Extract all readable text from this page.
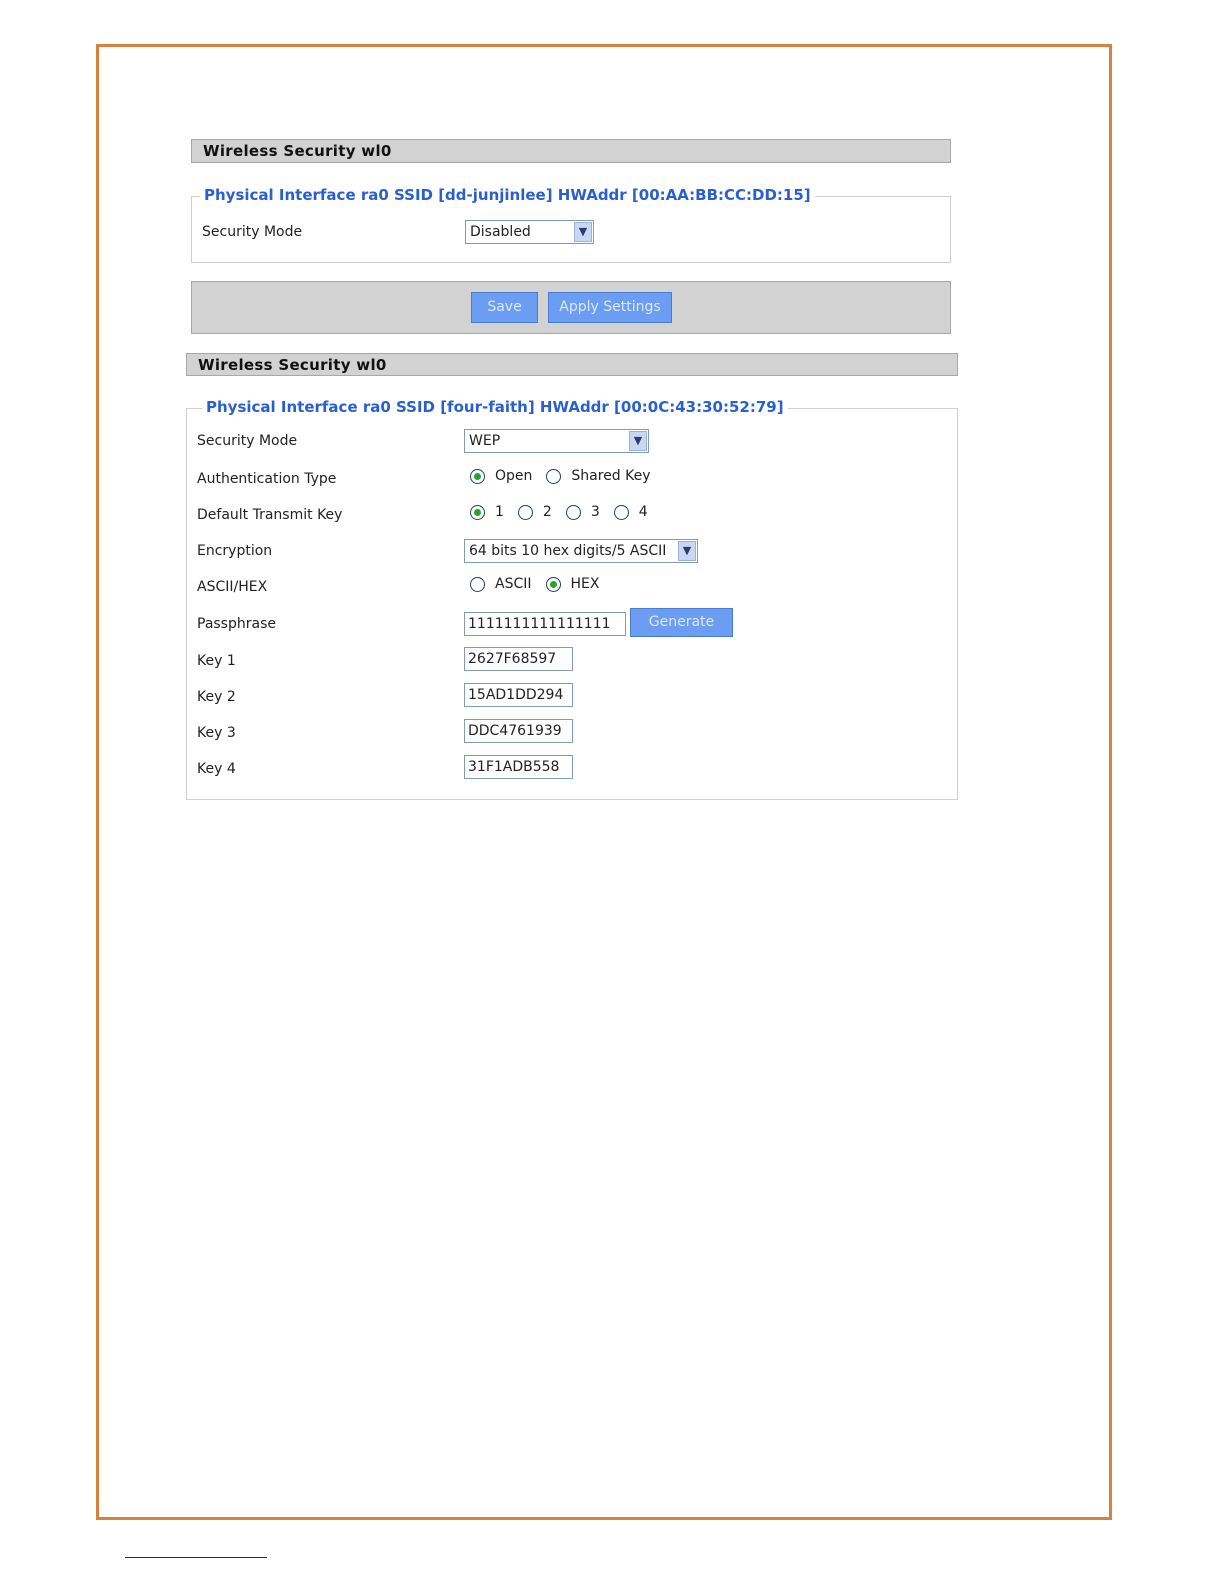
Wireless Security wl0
Physical Interface ra0 SSID [dd-junjinlee] HWAddr [00:AA:BB:CC:DD:15]
Security Mode	Disabled	▼
Save	Apply Settings
Wireless Security wl0
Physical Interface ra0 SSID [four-faith] HWAddr [00:0C:43:30:52:79]
Security Mode	WEP	▼
Authentication Type	Open	Shared Key
Default Transmit Key	1	2	3	4
Encryption	64 bits 10 hex digits/5 ASCII	▼
ASCII/HEX	ASCII	HEX
Passphrase	1111111111111111	Generate
Key 1	2627F68597
Key 2	15AD1DD294
Key 3	DDC4761939
Key 4	31F1ADB558
